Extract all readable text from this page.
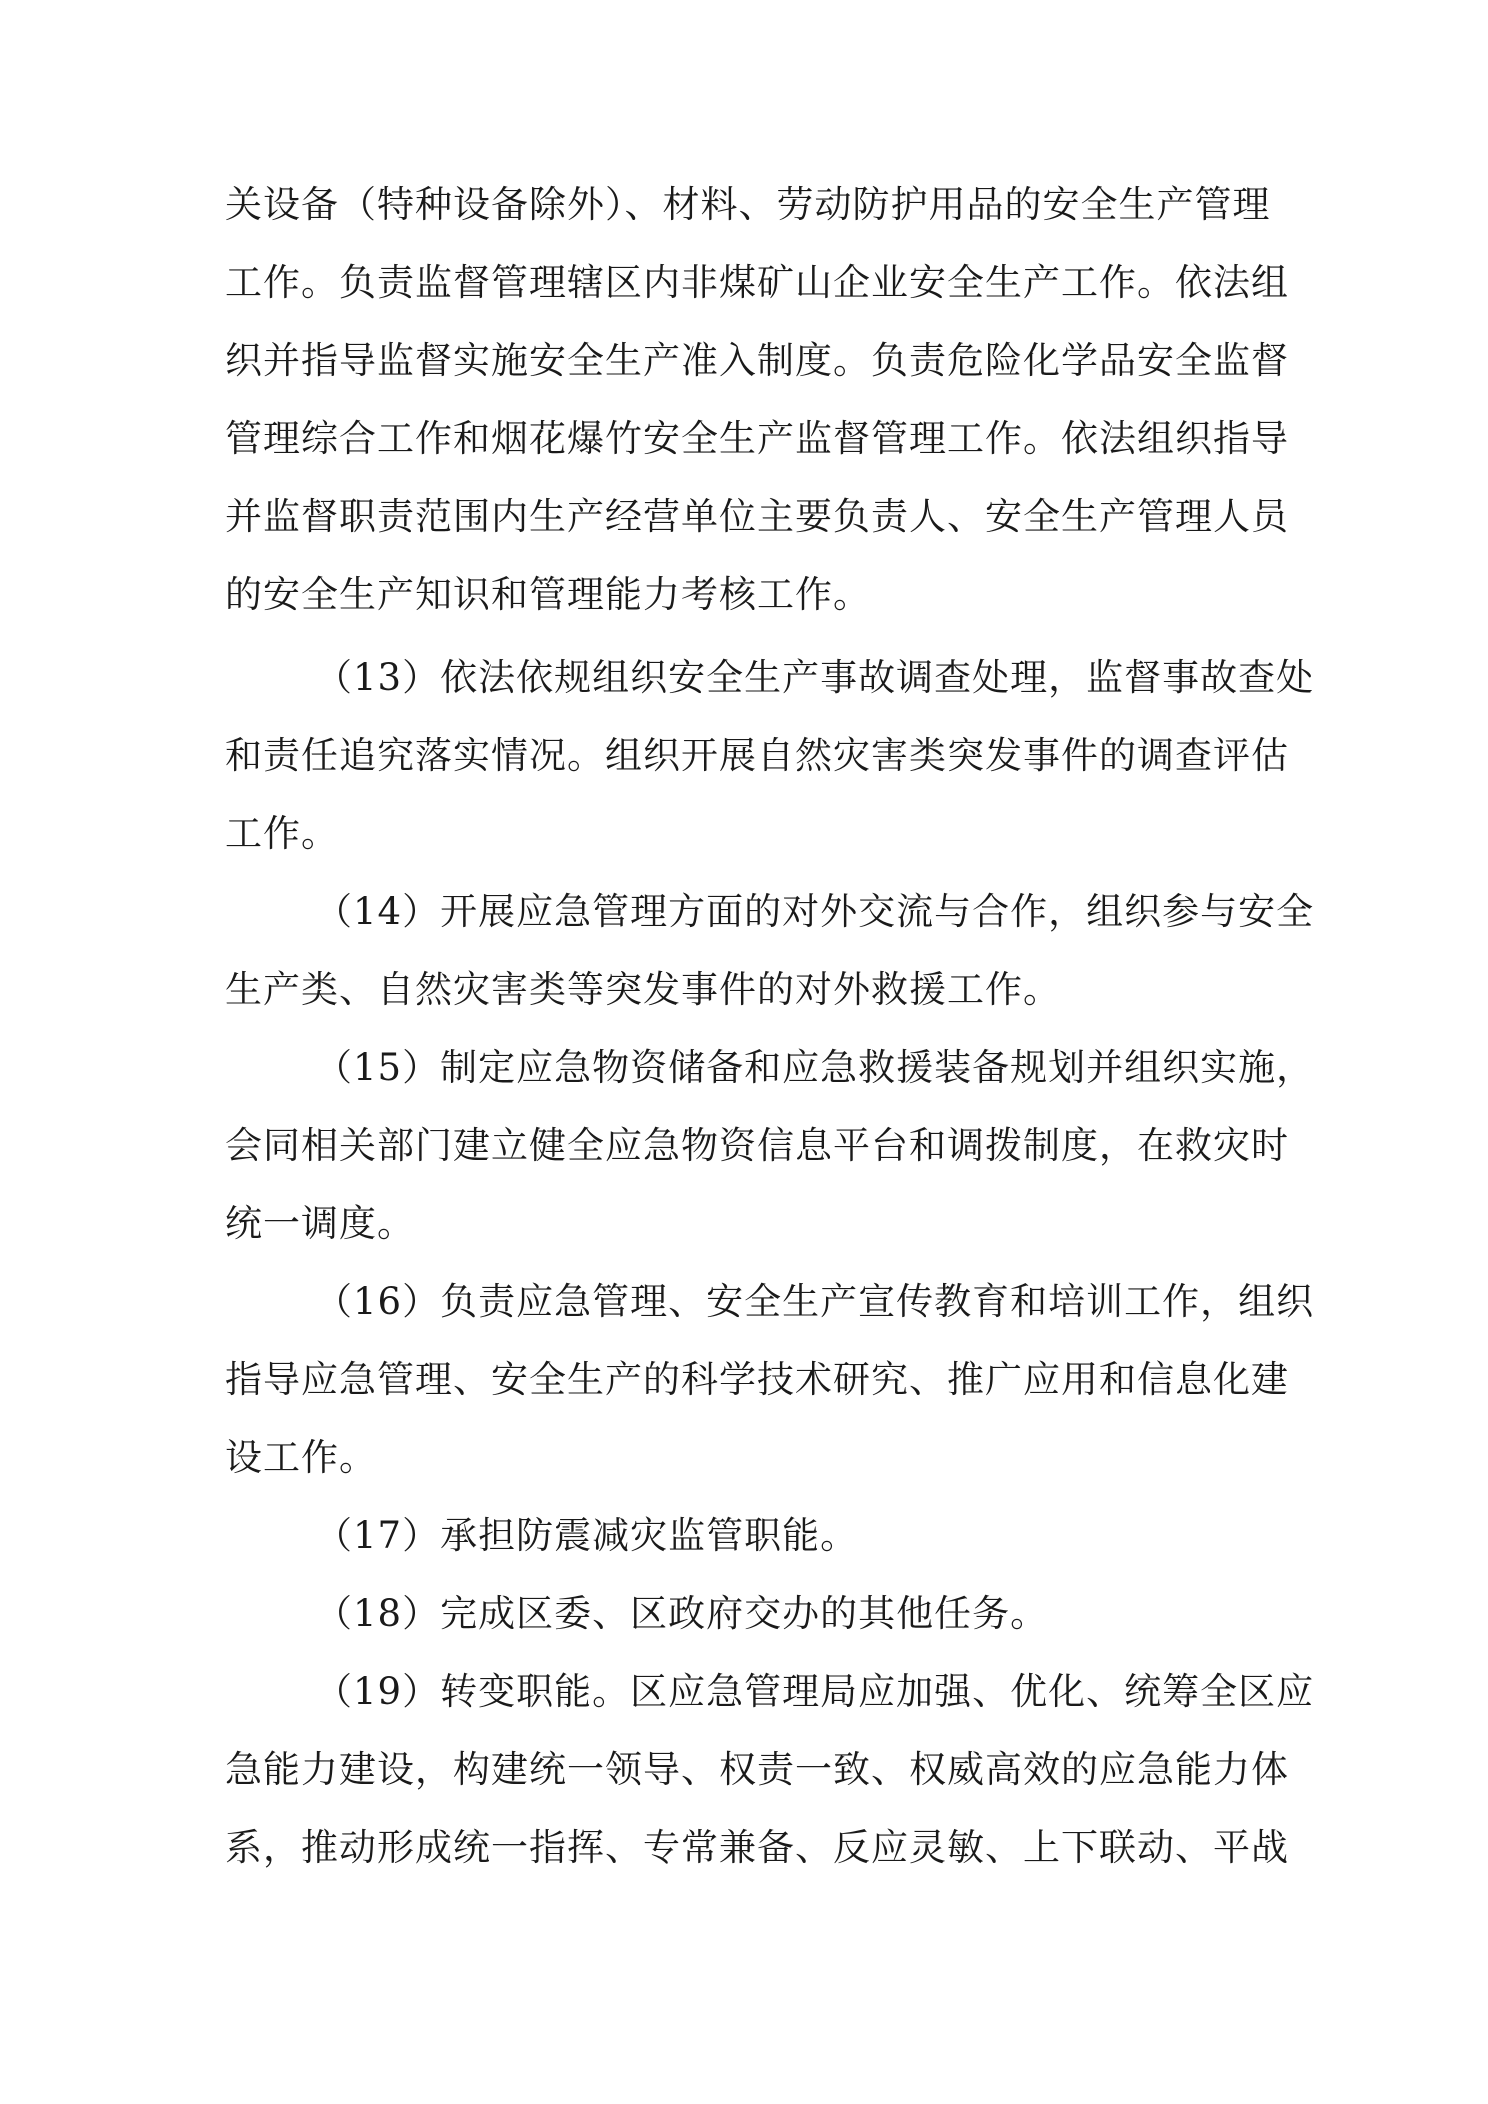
关设备（特种设备除外）、材料、劳动防护用品的安全生产管理
工作。负责监督管理辖区内非煤矿山企业安全生产工作。依法组
织并指导监督实施安全生产准入制度。负责危险化学品安全监督
管理综合工作和烟花爆竹安全生产监督管理工作。依法组织指导
并监督职责范围内生产经营单位主要负责人、安全生产管理人员
的安全生产知识和管理能力考核工作。
（13）依法依规组织安全生产事故调查处理，监督事故查处
和责任追究落实情况。组织开展自然灾害类突发事件的调查评估
工作。
（14）开展应急管理方面的对外交流与合作，组织参与安全
生产类、自然灾害类等突发事件的对外救援工作。
（15）制定应急物资储备和应急救援装备规划并组织实施，
会同相关部门建立健全应急物资信息平台和调拨制度，在救灾时
统一调度。
（16）负责应急管理、安全生产宣传教育和培训工作，组织
指导应急管理、安全生产的科学技术研究、推广应用和信息化建
设工作。
（17）承担防震减灾监管职能。
（18）完成区委、区政府交办的其他任务。
（19）转变职能。区应急管理局应加强、优化、统筹全区应
急能力建设，构建统一领导、权责一致、权威高效的应急能力体
系，推动形成统一指挥、专常兼备、反应灵敏、上下联动、平战
